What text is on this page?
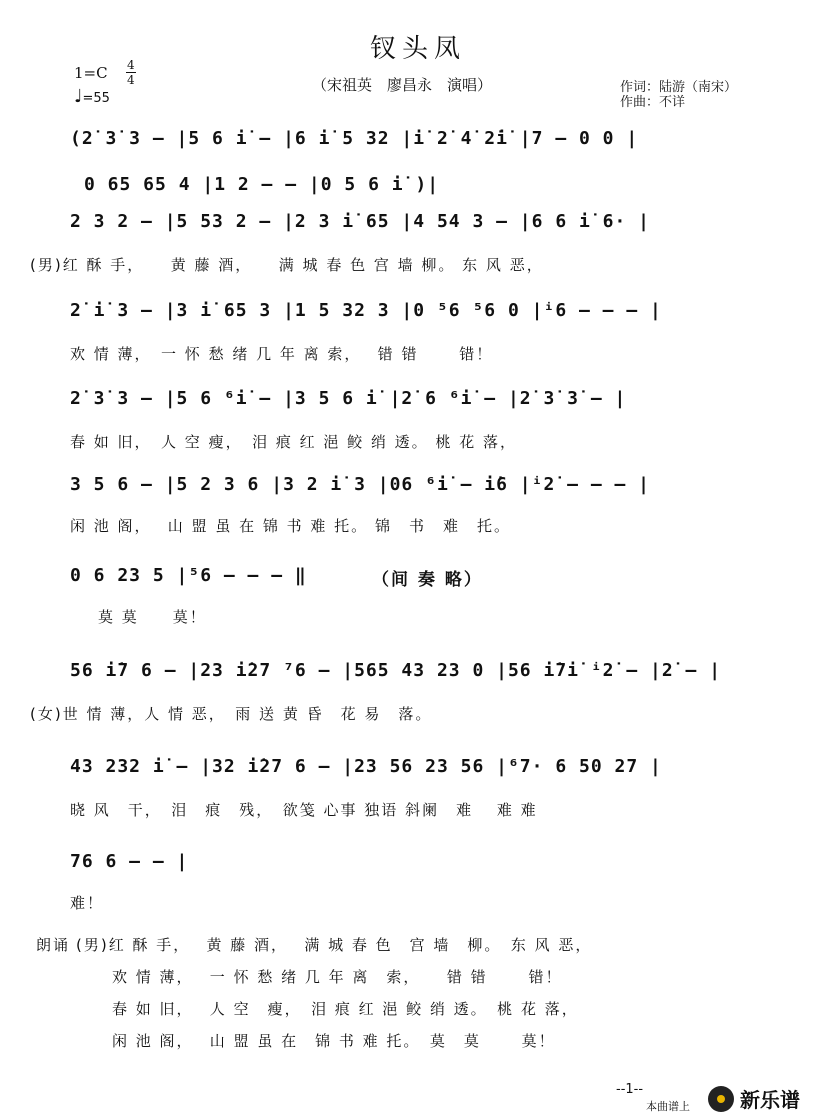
钗头凤
1=C 4
4
♩=55
（宋祖英　廖昌永　演唱）	作词：陆游（南宋）
作曲：不详
(2̇ 3̇ 3 – |5 6 i̇ – |6 i̇ 5 32 |i̇ 2̇ 4̇ 2̇i̇ |7 – 0 0 |
0 65 65 4 |1 2 – – |0 5 6 i̇ )|
2 3 2 – |5 53 2 – |2 3 i̇ 65 |4 54 3 – |6 6 i̇ 6· |
(男)红 酥 手，　　黄 藤 酒，　　满 城 春 色 宫 墙 柳。 东 风 恶，
2̇ i̇ 3 – |3 i̇ 65 3 |1 5 32 3 |0 ⁵6 ⁵6 0 |ⁱ6 – – – |
欢 情 薄，　一 怀 愁 绪 几 年 离 索，　 错 错　　 错！
2̇ 3̇ 3 – |5 6 ⁶i̇ – |3 5 6 i̇ |2̇ 6 ⁶i̇ – |2̇ 3̇ 3̇ – |
春 如 旧，　人 空 瘦，　泪 痕 红 浥 鲛 绡 透。 桃 花 落，
3 5 6 – |5 2 3 6 |3 2 i̇ 3 |06 ⁶i̇ – i̇6 |ⁱ2̇ – – – |
闲 池 阁，　 山 盟 虽 在 锦 书 难 托。 锦　书　难　托。
0 6 23 5 |⁵6 – – – ‖	（间 奏 略）
莫 莫　　莫！
56 i̇7 6 – |23 i̇27 ⁷6 – |565 43 23 0 |56 i̇7i̇ ⁱ2̇ – |2̇ – |
(女)世 情 薄，人 情 恶，　雨 送 黄 昏　花 易　落。
43 232 i̇ – |32 i̇27 6 – |23 56 23 56 |⁶7· 6 50 27 |
晓 风　干，　泪　痕　残，　欲笺 心事 独语 斜阑　难　 难 难
76 6 – – |
难！
朗诵 (男)红 酥 手，　 黄 藤 酒，　 满 城 春 色　宫 墙　柳。　东 风 恶，
欢 情 薄，　 一 怀 愁 绪 几 年 离　索，　　错 错　　 错！
春 如 旧，　 人 空　瘦，　泪 痕 红 浥 鲛 绡 透。　桃 花 落，
闲 池 阁，　 山 盟 虽 在　锦 书 难 托。　莫　莫　　 莫！
--1--
本曲谱上	新乐谱
